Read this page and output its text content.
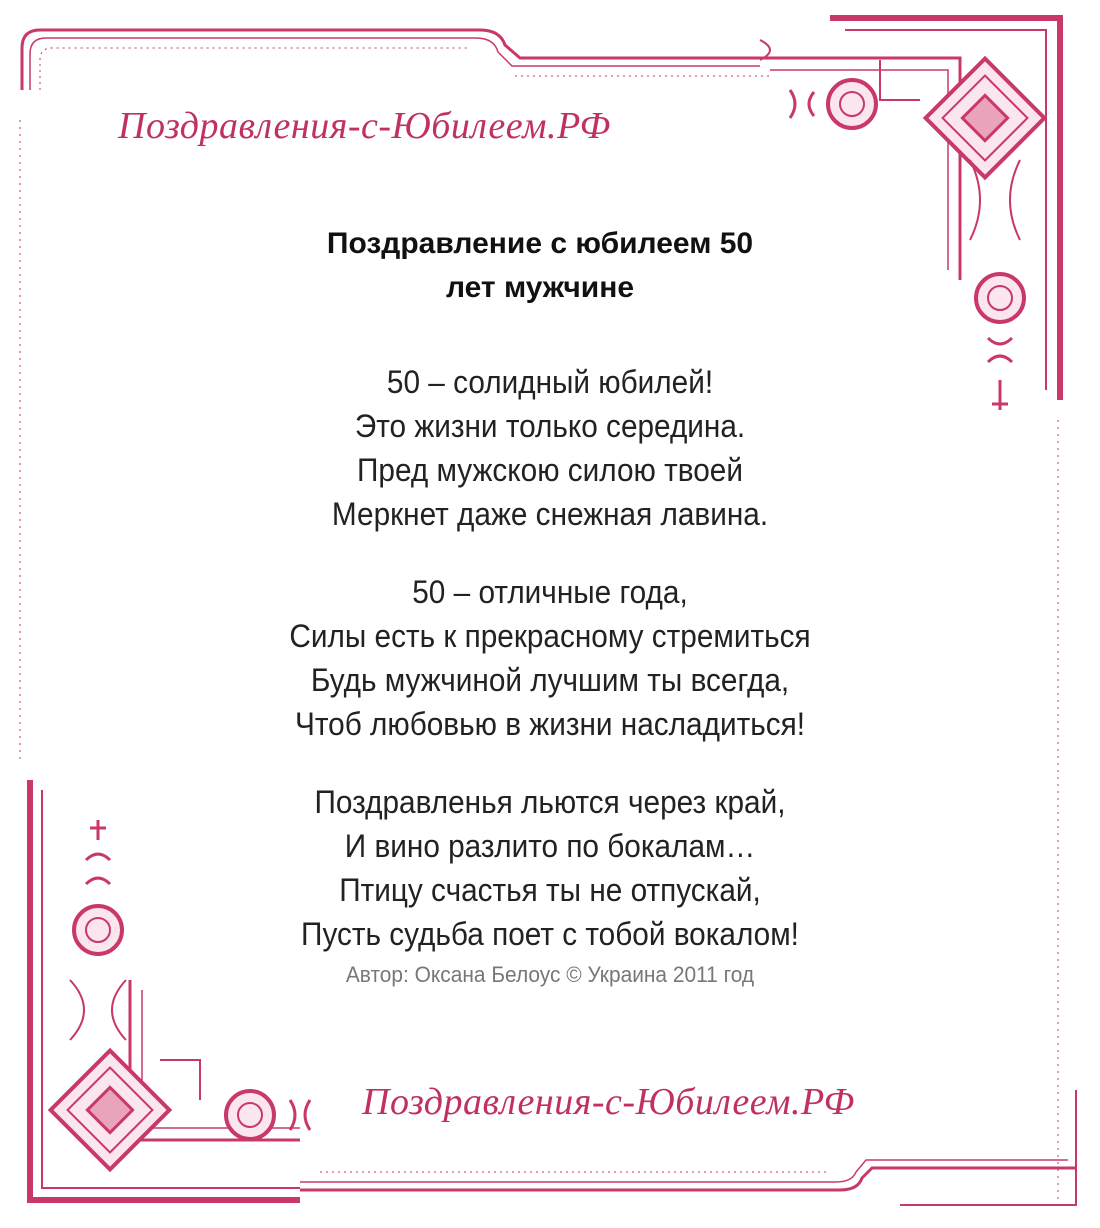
Поздравления-с-Юбилеем.РФ
Поздравление с юбилеем 50
лет мужчине
50 – солидный юбилей!
Это жизни только середина.
Пред мужскою силою твоей
Меркнет даже снежная лавина.
50 – отличные года,
Силы есть к прекрасному стремиться
Будь мужчиной лучшим ты всегда,
Чтоб любовью в жизни насладиться!
Поздравленья льются через край,
И вино разлито по бокалам…
Птицу счастья ты не отпускай,
Пусть судьба поет с тобой вокалом!
Автор: Оксана Белоус © Украина 2011 год
Поздравления-с-Юбилеем.РФ
